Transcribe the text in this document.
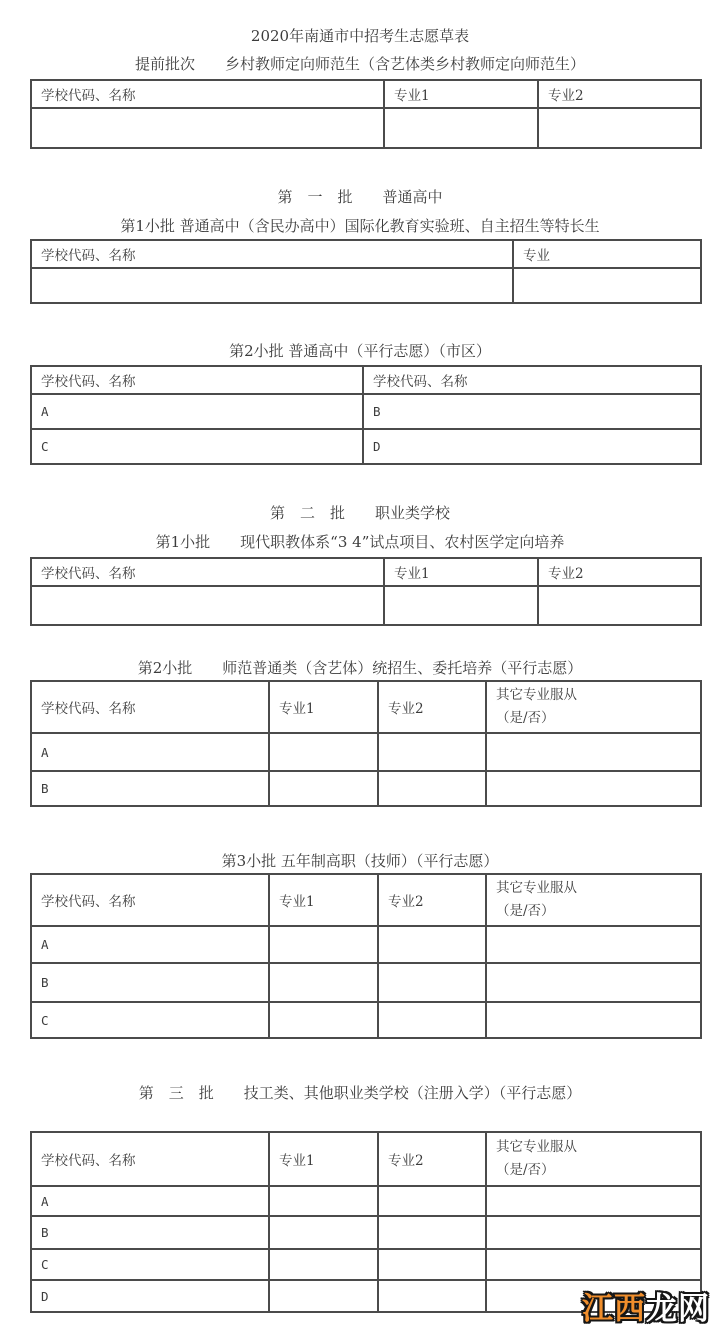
2020年南通市中招考生志愿草表
提前批次　　乡村教师定向师范生（含艺体类乡村教师定向师范生）
学校代码、名称	专业1	专业2

第　一　批　　普通高中
第1小批 普通高中（含民办高中）国际化教育实验班、自主招生等特长生
学校代码、名称	专业

第2小批 普通高中（平行志愿）（市区）
学校代码、名称	学校代码、名称
A	B
C	D
第　二　批　　职业类学校
第1小批　　现代职教体系“3 4”试点项目、农村医学定向培养
学校代码、名称	专业1	专业2

第2小批　　师范普通类（含艺体）统招生、委托培养（平行志愿）
学校代码、名称	专业1	专业2	其它专业服从
（是/否）

A			
B			
第3小批 五年制高职（技师）（平行志愿）
学校代码、名称	专业1	专业2	其它专业服从
（是/否）

A			
B			
C			
第　三　批　　技工类、其他职业类学校（注册入学）（平行志愿）
学校代码、名称	专业1	专业2	其它专业服从
（是/否）

A			
B			
C			
D				江西龙网
